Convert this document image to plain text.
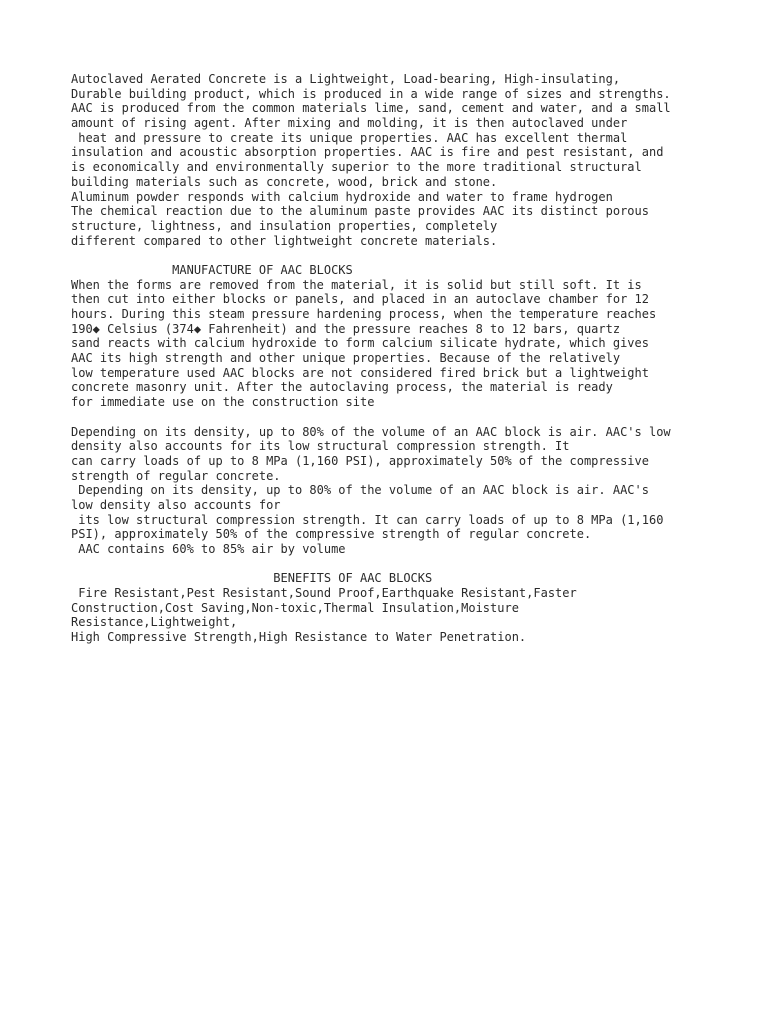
Autoclaved Aerated Concrete is a Lightweight, Load-bearing, High-insulating,
Durable building product, which is produced in a wide range of sizes and strengths.
AAC is produced from the common materials lime, sand, cement and water, and a small
amount of rising agent. After mixing and molding, it is then autoclaved under
heat and pressure to create its unique properties. AAC has excellent thermal
insulation and acoustic absorption properties. AAC is fire and pest resistant, and
is economically and environmentally superior to the more traditional structural
building materials such as concrete, wood, brick and stone.
Aluminum powder responds with calcium hydroxide and water to frame hydrogen
The chemical reaction due to the aluminum paste provides AAC its distinct porous
structure, lightness, and insulation properties, completely
different compared to other lightweight concrete materials.
MANUFACTURE OF AAC BLOCKS
When the forms are removed from the material, it is solid but still soft. It is
then cut into either blocks or panels, and placed in an autoclave chamber for 12
hours. During this steam pressure hardening process, when the temperature reaches
190◆ Celsius (374◆ Fahrenheit) and the pressure reaches 8 to 12 bars, quartz
sand reacts with calcium hydroxide to form calcium silicate hydrate, which gives
AAC its high strength and other unique properties. Because of the relatively
low temperature used AAC blocks are not considered fired brick but a lightweight
concrete masonry unit. After the autoclaving process, the material is ready
for immediate use on the construction site
Depending on its density, up to 80% of the volume of an AAC block is air. AAC's low
density also accounts for its low structural compression strength. It
can carry loads of up to 8 MPa (1,160 PSI), approximately 50% of the compressive
strength of regular concrete.
Depending on its density, up to 80% of the volume of an AAC block is air. AAC's
low density also accounts for
its low structural compression strength. It can carry loads of up to 8 MPa (1,160
PSI), approximately 50% of the compressive strength of regular concrete.
AAC contains 60% to 85% air by volume
BENEFITS OF AAC BLOCKS
Fire Resistant,Pest Resistant,Sound Proof,Earthquake Resistant,Faster
Construction,Cost Saving,Non-toxic,Thermal Insulation,Moisture
Resistance,Lightweight,
High Compressive Strength,High Resistance to Water Penetration.
